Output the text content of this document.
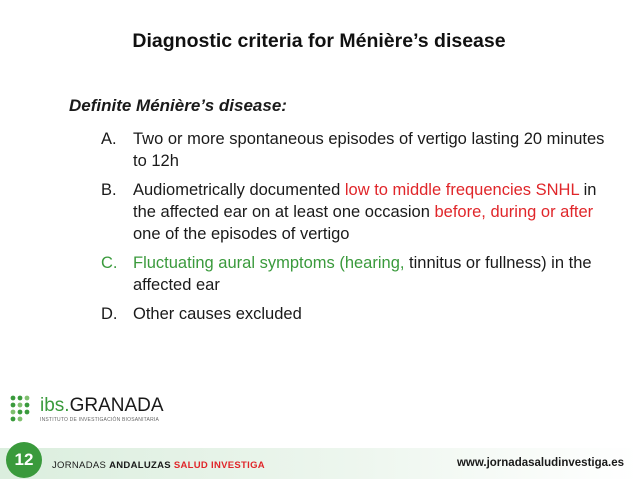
Diagnostic criteria for Ménière’s disease
Definite Ménière’s disease:
A. Two or more spontaneous episodes of vertigo lasting 20 minutes to 12h
B. Audiometrically documented low to middle frequencies SNHL in the affected ear on at least one occasion before, during or after one of the episodes of vertigo
C. Fluctuating aural symptoms (hearing, tinnitus or fullness) in the affected ear
D. Other causes excluded
ibs.GRANADA
INSTITUTO DE INVESTIGACIÓN BIOSANITARIA
12	JORNADAS ANDALUZAS SALUD INVESTIGA	www.jornadasaludinvestiga.es
